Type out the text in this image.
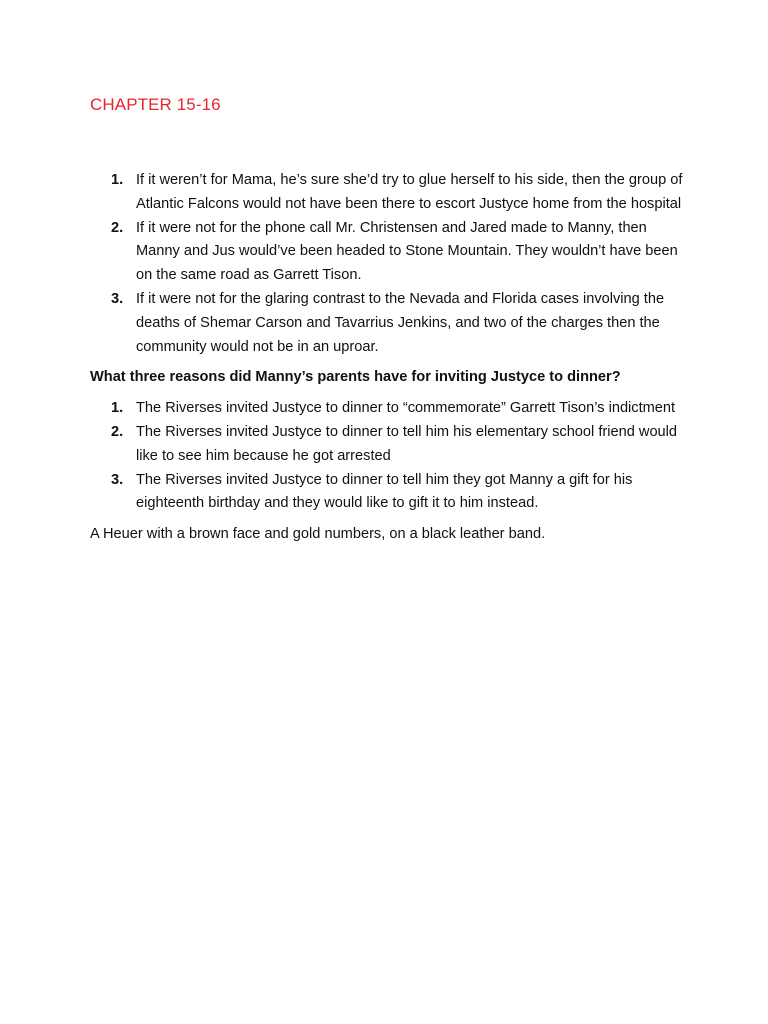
CHAPTER 15-16
If it weren’t for Mama, he’s sure she’d try to glue herself to his side, then the group of Atlantic Falcons would not have been there to escort Justyce home from the hospital
If it were not for the phone call Mr. Christensen and Jared made to Manny, then Manny and Jus would’ve been headed to Stone Mountain. They wouldn’t have been on the same road as Garrett Tison.
If it were not for the glaring contrast to the Nevada and Florida cases involving the deaths of Shemar Carson and Tavarrius Jenkins, and two of the charges then the community would not be in an uproar.

What three reasons did Manny’s parents have for inviting Justyce to dinner?

The Riverses invited Justyce to dinner to “commemorate” Garrett Tison’s indictment
The Riverses invited Justyce to dinner to tell him his elementary school friend would like to see him because he got arrested
The Riverses invited Justyce to dinner to tell him they got Manny a gift for his eighteenth birthday and they would like to gift it to him instead.

A Heuer with a brown face and gold numbers, on a black leather band.
